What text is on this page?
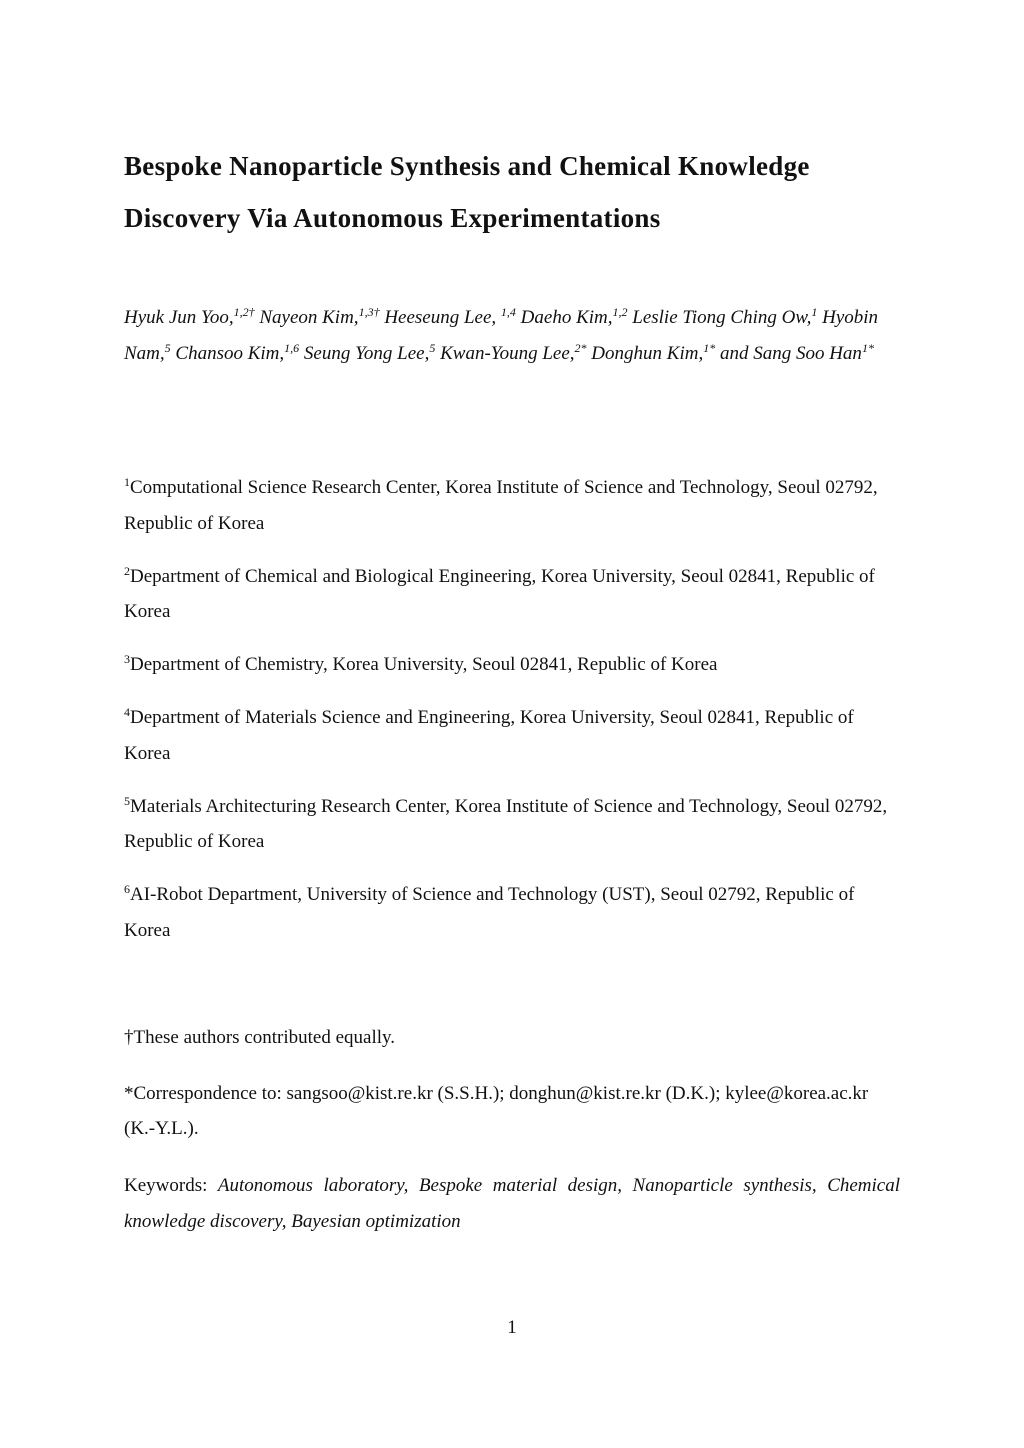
Bespoke Nanoparticle Synthesis and Chemical Knowledge
Discovery Via Autonomous Experimentations
Hyuk Jun Yoo,$^{1,2\dagger}$ Nayeon Kim,$^{1,3\dagger}$ Heeseung Lee, $^{1,4}$ Daeho Kim,$^{1,2}$ Leslie Tiong Ching Ow,$^1$ Hyobin Nam,$^5$ Chansoo Kim,$^{1,6}$ Seung Yong Lee,$^5$ Kwan-Young Lee,$^{2*}$ Donghun Kim,$^{1*}$ and Sang Soo Han$^{1*}$
$^1$Computational Science Research Center, Korea Institute of Science and Technology, Seoul 02792, Republic of Korea
$^2$Department of Chemical and Biological Engineering, Korea University, Seoul 02841, Republic of Korea
$^3$Department of Chemistry, Korea University, Seoul 02841, Republic of Korea
$^4$Department of Materials Science and Engineering, Korea University, Seoul 02841, Republic of Korea
$^5$Materials Architecturing Research Center, Korea Institute of Science and Technology, Seoul 02792, Republic of Korea
$^6$AI-Robot Department, University of Science and Technology (UST), Seoul 02792, Republic of Korea
†These authors contributed equally.
*Correspondence to: sangsoo@kist.re.kr (S.S.H.); donghun@kist.re.kr (D.K.); kylee@korea.ac.kr (K.-Y.L.).
Keywords: Autonomous laboratory, Bespoke material design, Nanoparticle synthesis, Chemical knowledge discovery, Bayesian optimization
1
